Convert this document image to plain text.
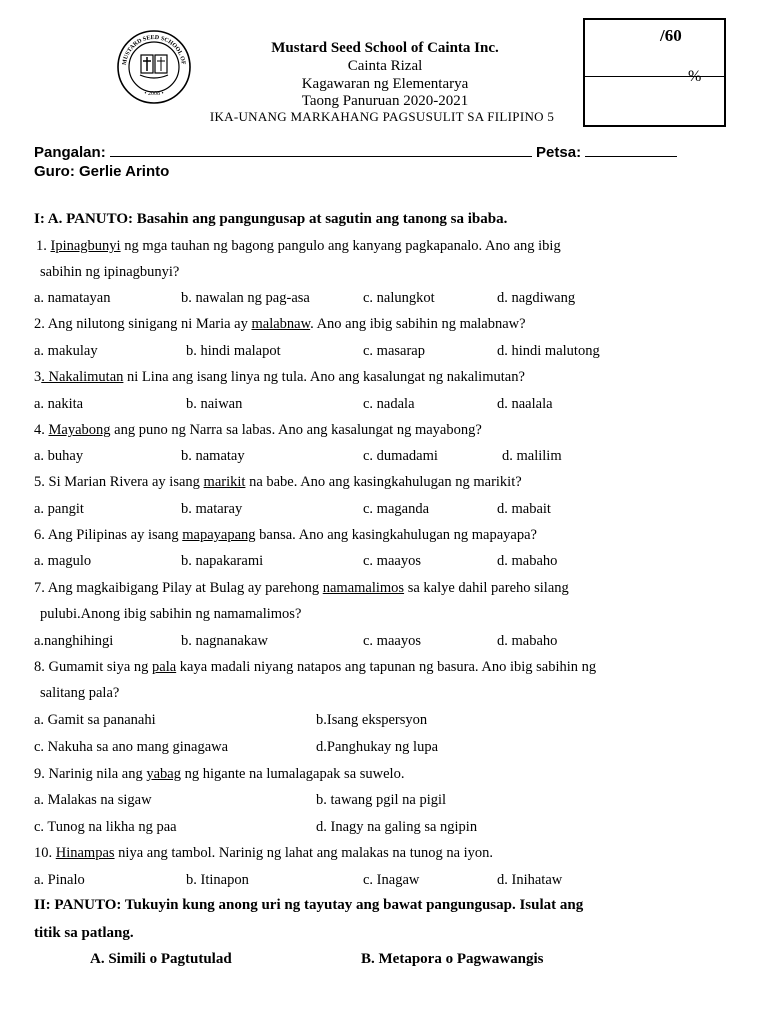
MUSTARD SEED SCHOOL OF
• 2008 •
Mustard Seed School of Cainta Inc.
Cainta Rizal
Kagawaran ng Elementarya
Taong Panuruan 2020-2021
IKA-UNANG MARKAHANG PAGSUSULIT SA FILIPINO 5
/60
%
Pangalan:	Petsa:
Guro: Gerlie Arinto
I: A. PANUTO: Basahin ang pangungusap at sagutin ang tanong sa ibaba.
1. Ipinagbunyi ng mga tauhan ng bagong pangulo ang kanyang pagkapanalo. Ano ang ibig
sabihin ng ipinagbunyi?
a. namatayan	b. nawalan ng pag-asa	c. nalungkot	d. nagdiwang
2. Ang nilutong sinigang ni Maria ay malabnaw. Ano ang ibig sabihin ng malabnaw?
a. makulay	b. hindi malapot	c. masarap	d. hindi malutong
3. Nakalimutan ni Lina ang isang linya ng tula. Ano ang kasalungat ng nakalimutan?
a. nakita	b. naiwan	c. nadala	d. naalala
4. Mayabong ang puno ng Narra sa labas. Ano ang kasalungat ng mayabong?
a. buhay	b. namatay	c. dumadami	d. malilim
5. Si Marian Rivera ay isang marikit na babe. Ano ang kasingkahulugan ng marikit?
a. pangit	b. mataray	c. maganda	d. mabait
6. Ang Pilipinas ay isang mapayapang bansa. Ano ang kasingkahulugan ng mapayapa?
a. magulo	b. napakarami	c. maayos	d. mabaho
7. Ang magkaibigang Pilay at Bulag ay parehong namamalimos sa kalye dahil pareho silang
pulubi.Anong ibig sabihin ng namamalimos?
a.nanghihingi	b. nagnanakaw	c. maayos	d. mabaho
8. Gumamit siya ng pala kaya madali niyang natapos ang tapunan ng basura. Ano ibig sabihin ng
salitang pala?
a. Gamit sa pananahi	b.Isang ekspersyon
c. Nakuha sa ano mang ginagawa	d.Panghukay ng lupa
9. Narinig nila ang yabag ng higante na lumalagapak sa suwelo.
a. Malakas na sigaw	b. tawang pgil na pigil
c. Tunog na likha ng paa	d. Inagy na galing sa ngipin
10. Hinampas niya ang tambol. Narinig ng lahat ang malakas na tunog na iyon.
a. Pinalo	b. Itinapon	c. Inagaw	d. Inihataw
II: PANUTO: Tukuyin kung anong uri ng tayutay ang bawat pangungusap. Isulat ang
titik sa patlang.
A. Simili o Pagtutulad	B. Metapora o Pagwawangis
